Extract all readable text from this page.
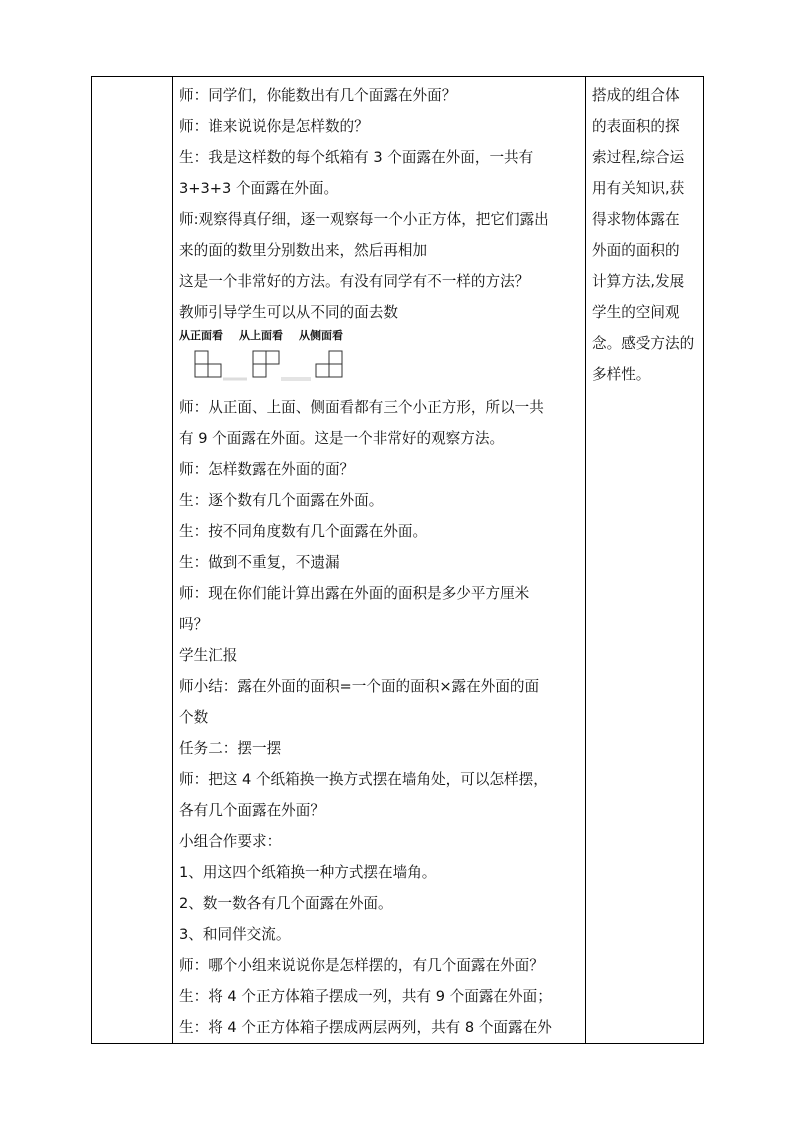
师：同学们，你能数出有几个面露在外面？
师：谁来说说你是怎样数的？
生：我是这样数的每个纸箱有 3 个面露在外面，一共有
3+3+3 个面露在外面。
师:观察得真仔细，逐一观察每一个小正方体，把它们露出
来的面的数里分别数出来，然后再相加
这是一个非常好的方法。有没有同学有不一样的方法？
教师引导学生可以从不同的面去数
从正面看 从上面看 从侧面看
师：从正面、上面、侧面看都有三个小正方形，所以一共
有 9 个面露在外面。这是一个非常好的观察方法。
师：怎样数露在外面的面？
生：逐个数有几个面露在外面。
生：按不同角度数有几个面露在外面。
生：做到不重复，不遗漏
师：现在你们能计算出露在外面的面积是多少平方厘米
吗？
学生汇报
师小结：露在外面的面积=一个面的面积×露在外面的面
个数
任务二：摆一摆
师：把这 4 个纸箱换一换方式摆在墙角处，可以怎样摆，
各有几个面露在外面？
小组合作要求：
1、用这四个纸箱换一种方式摆在墙角。
2、数一数各有几个面露在外面。
3、和同伴交流。
师：哪个小组来说说你是怎样摆的，有几个面露在外面？
生：将 4 个正方体箱子摆成一列，共有 9 个面露在外面；
生：将 4 个正方体箱子摆成两层两列，共有 8 个面露在外

搭成的组合体
的表面积的探
索过程,综合运
用有关知识,获
得求物体露在
外面的面积的
计算方法,发展
学生的空间观
念。感受方法的
多样性。
